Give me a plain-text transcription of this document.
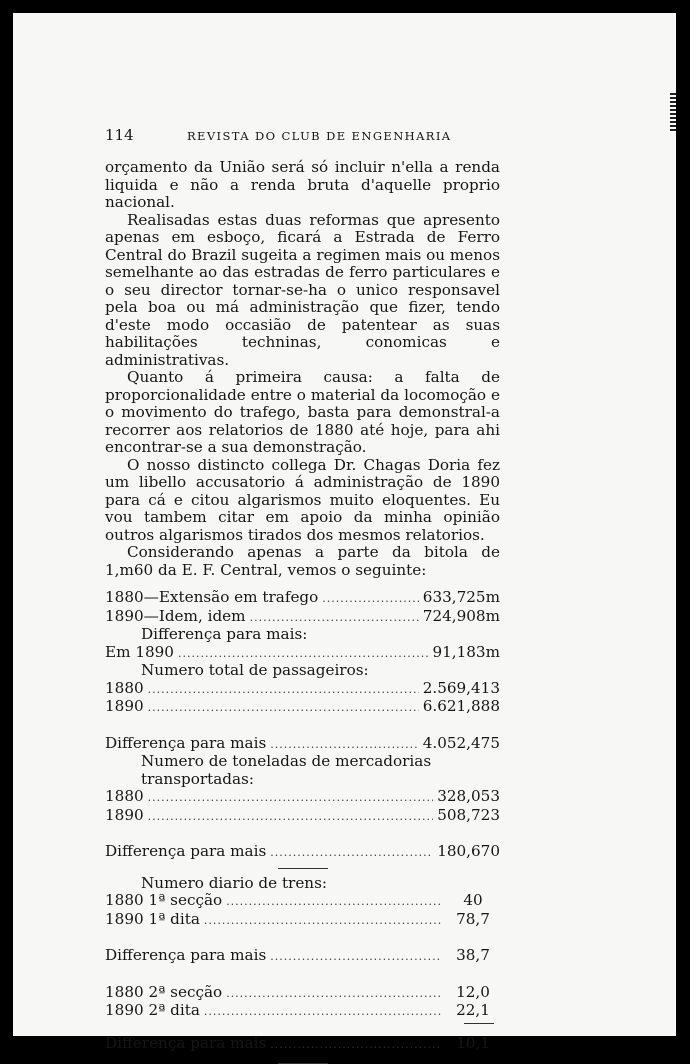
114	REVISTA DO CLUB DE ENGENHARIA

orçamento da União será só incluir n'ella a renda liquida e não a renda bruta d'aquelle proprio nacional.

Realisadas estas duas reformas que apresento apenas em esboço, ficará a Estrada de Ferro Central do Brazil sugeita a regimen mais ou menos semelhante ao das estradas de ferro particulares e o seu director tornar-se-ha o unico responsavel pela boa ou má administração que fizer, tendo d'este modo occasião de patentear as suas habilitações techninas, conomicas e administrativas.

Quanto á primeira causa: a falta de proporcionalidade entre o material da locomoção e o movimento do trafego, basta para demonstral-a recorrer aos relatorios de 1880 até hoje, para ahi encontrar-se a sua demonstração.

O nosso distincto collega Dr. Chagas Doria fez um libello accusatorio á administração de 1890 para cá e citou algarismos muito eloquentes. Eu vou tambem citar em apoio da minha opinião outros algarismos tirados dos mesmos relatorios.

Considerando apenas a parte da bitola de 1,m60 da E. F. Central, vemos o seguinte:

1880—Extensão em trafego .....	633,725m
1890—Idem, idem .....	724,908m
Differença para mais:
Em 1890 .....	91,183m
Numero total de passageiros:
1880 .....	2.569,413
1890 .....	6.621,888
Differença para mais .....	4.052,475
Numero de toneladas de mercadorias transportadas:
1880 .....	328,053
1890 .....	508,723
Differença para mais .....	180,670
Numero diario de trens:
1880 1ª secção .....	40
1890 1ª dita .....	78,7
Differença para mais .....	38,7
1880 2ª secção .....	12,0
1890 2ª dita .....	22,1
Differença para mais .....	10,1
